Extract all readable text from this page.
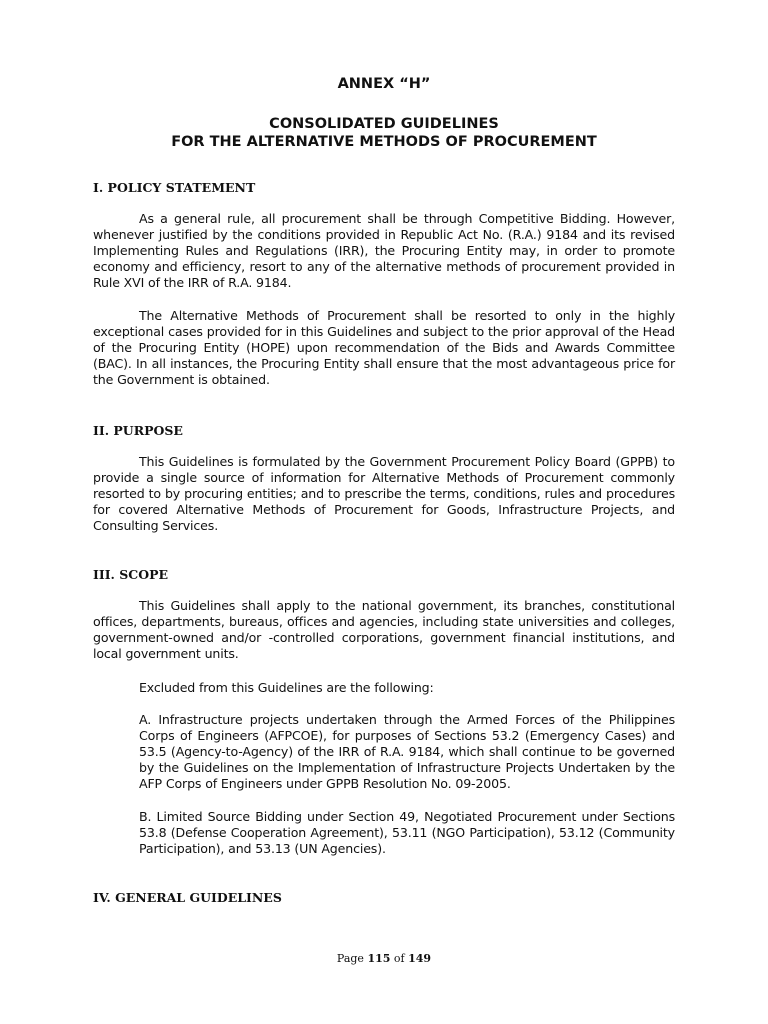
ANNEX “H”
CONSOLIDATED GUIDELINES
FOR THE ALTERNATIVE METHODS OF PROCUREMENT
I. POLICY STATEMENT

As a general rule, all procurement shall be through Competitive Bidding. However, whenever justified by the conditions provided in Republic Act No. (R.A.) 9184 and its revised Implementing Rules and Regulations (IRR), the Procuring Entity may, in order to promote economy and efficiency, resort to any of the alternative methods of procurement provided in Rule XVI of the IRR of R.A. 9184.

The Alternative Methods of Procurement shall be resorted to only in the highly exceptional cases provided for in this Guidelines and subject to the prior approval of the Head of the Procuring Entity (HOPE) upon recommendation of the Bids and Awards Committee (BAC). In all instances, the Procuring Entity shall ensure that the most advantageous price for the Government is obtained.

II. PURPOSE

This Guidelines is formulated by the Government Procurement Policy Board (GPPB) to provide a single source of information for Alternative Methods of Procurement commonly resorted to by procuring entities; and to prescribe the terms, conditions, rules and procedures for covered Alternative Methods of Procurement for Goods, Infrastructure Projects, and Consulting Services.

III. SCOPE

This Guidelines shall apply to the national government, its branches, constitutional offices, departments, bureaus, offices and agencies, including state universities and colleges, government-owned and/or -controlled corporations, government financial institutions, and local government units.

Excluded from this Guidelines are the following:

A. Infrastructure projects undertaken through the Armed Forces of the Philippines Corps of Engineers (AFPCOE), for purposes of Sections 53.2 (Emergency Cases) and 53.5 (Agency-to-Agency) of the IRR of R.A. 9184, which shall continue to be governed by the Guidelines on the Implementation of Infrastructure Projects Undertaken by the AFP Corps of Engineers under GPPB Resolution No. 09-2005.

B. Limited Source Bidding under Section 49, Negotiated Procurement under Sections 53.8 (Defense Cooperation Agreement), 53.11 (NGO Participation), 53.12 (Community Participation), and 53.13 (UN Agencies).

IV. GENERAL GUIDELINES

Page 115 of 149
